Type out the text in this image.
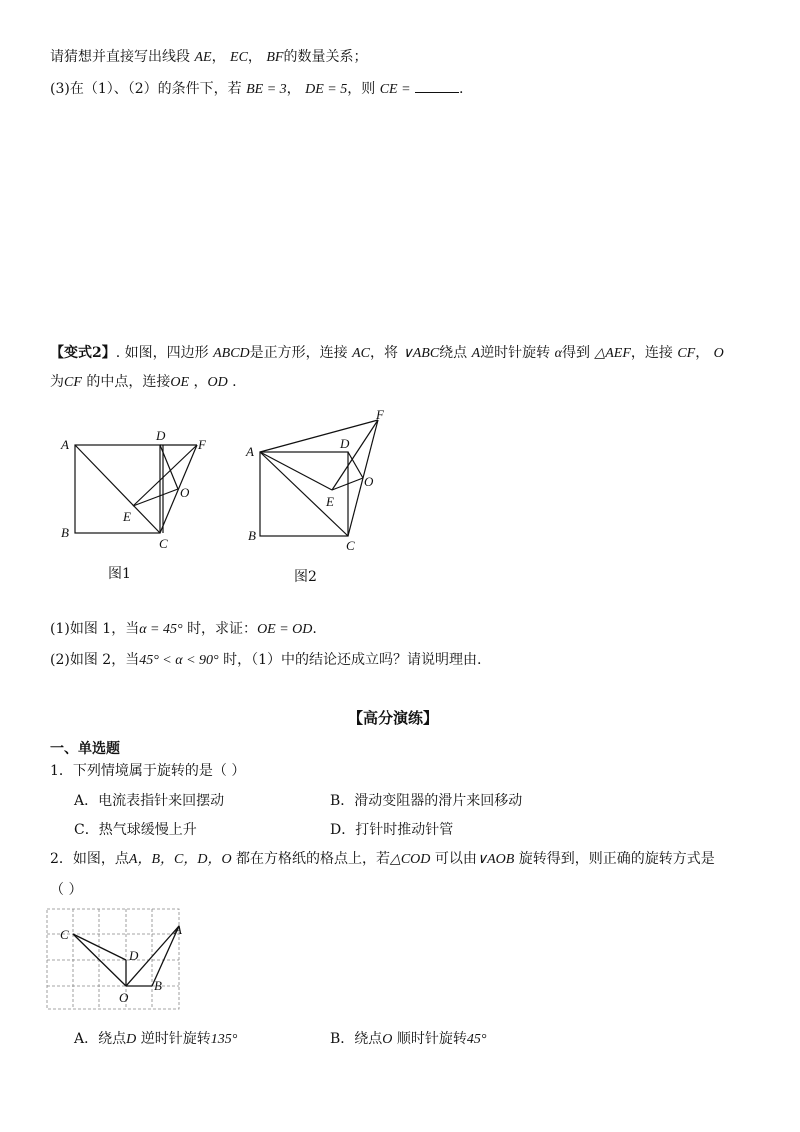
请猜想并直接写出线段 AE， EC， BF的数量关系；
(3)在（1）、（2）的条件下，若 BE = 3， DE = 5，则 CE =	.
【变式2】. 如图，四边形 ABCD是正方形，连接 AC，将 ∨ABC绕点 A逆时针旋转 α得到 △AEF，连接 CF， O
为CF 的中点，连接OE ，OD .
A
B
C
D
E
F
O
图1
A
B
C
D
E
F
O
图2
(1)如图 1，当α = 45° 时，求证：OE = OD.
(2)如图 2，当45° < α < 90° 时，（1）中的结论还成立吗？请说明理由.
【高分演练】
一、单选题
1．下列情境属于旋转的是（ ）
A．电流表指针来回摆动	B．滑动变阻器的滑片来回移动
C．热气球缓慢上升	D．打针时推动针管
2．如图，点A，B，C，D，O 都在方格纸的格点上，若△COD 可以由∨AOB 旋转得到，则正确的旋转方式是
（ ）
C	A
D
B
O
A．绕点D 逆时针旋转135°	B．绕点O 顺时针旋转45°
